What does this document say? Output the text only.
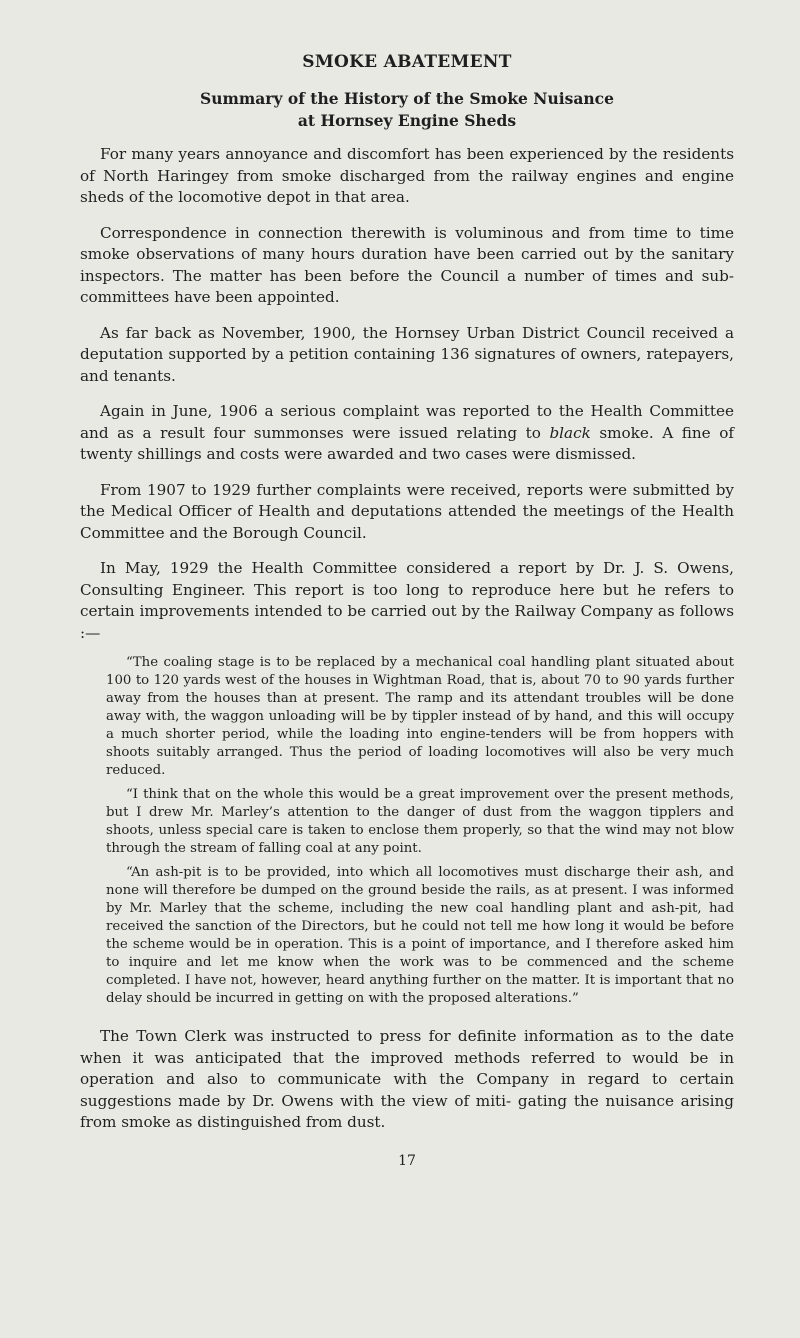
SMOKE ABATEMENT
Summary of the History of the Smoke Nuisance
at Hornsey Engine Sheds

For many years annoyance and discomfort has been experienced by the residents of North Haringey from smoke discharged from the railway engines and engine sheds of the locomotive depot in that area.

Correspondence in connection therewith is voluminous and from time to time smoke observations of many hours duration have been carried out by the sanitary inspectors. The matter has been before the Council a number of times and sub-committees have been appointed.

As far back as November, 1900, the Hornsey Urban District Council received a deputation supported by a petition containing 136 signatures of owners, ratepayers, and tenants.

Again in June, 1906 a serious complaint was reported to the Health Committee and as a result four summonses were issued relating to black smoke. A fine of twenty shillings and costs were awarded and two cases were dismissed.

From 1907 to 1929 further complaints were received, reports were submitted by the Medical Officer of Health and deputations attended the meetings of the Health Committee and the Borough Council.

In May, 1929 the Health Committee considered a report by Dr. J. S. Owens, Consulting Engineer. This report is too long to reproduce here but he refers to certain improvements intended to be carried out by the Railway Company as follows :—

“The coaling stage is to be replaced by a mechanical coal handling plant situated about 100 to 120 yards west of the houses in Wightman Road, that is, about 70 to 90 yards further away from the houses than at present. The ramp and its attendant troubles will be done away with, the waggon unloading will be by tippler instead of by hand, and this will occupy a much shorter period, while the loading into engine-tenders will be from hoppers with shoots suitably arranged. Thus the period of loading locomotives will also be very much reduced.

“I think that on the whole this would be a great improvement over the present methods, but I drew Mr. Marley’s attention to the danger of dust from the waggon tipplers and shoots, unless special care is taken to enclose them properly, so that the wind may not blow through the stream of falling coal at any point.

“An ash-pit is to be provided, into which all locomotives must discharge their ash, and none will therefore be dumped on the ground beside the rails, as at present. I was informed by Mr. Marley that the scheme, including the new coal handling plant and ash-pit, had received the sanction of the Directors, but he could not tell me how long it would be before the scheme would be in operation. This is a point of importance, and I therefore asked him to inquire and let me know when the work was to be commenced and the scheme completed. I have not, however, heard anything further on the matter. It is important that no delay should be incurred in getting on with the proposed alterations.”

The Town Clerk was instructed to press for definite information as to the date when it was anticipated that the improved methods referred to would be in operation and also to communicate with the Company in regard to certain suggestions made by Dr. Owens with the view of miti- gating the nuisance arising from smoke as distinguished from dust.

17
